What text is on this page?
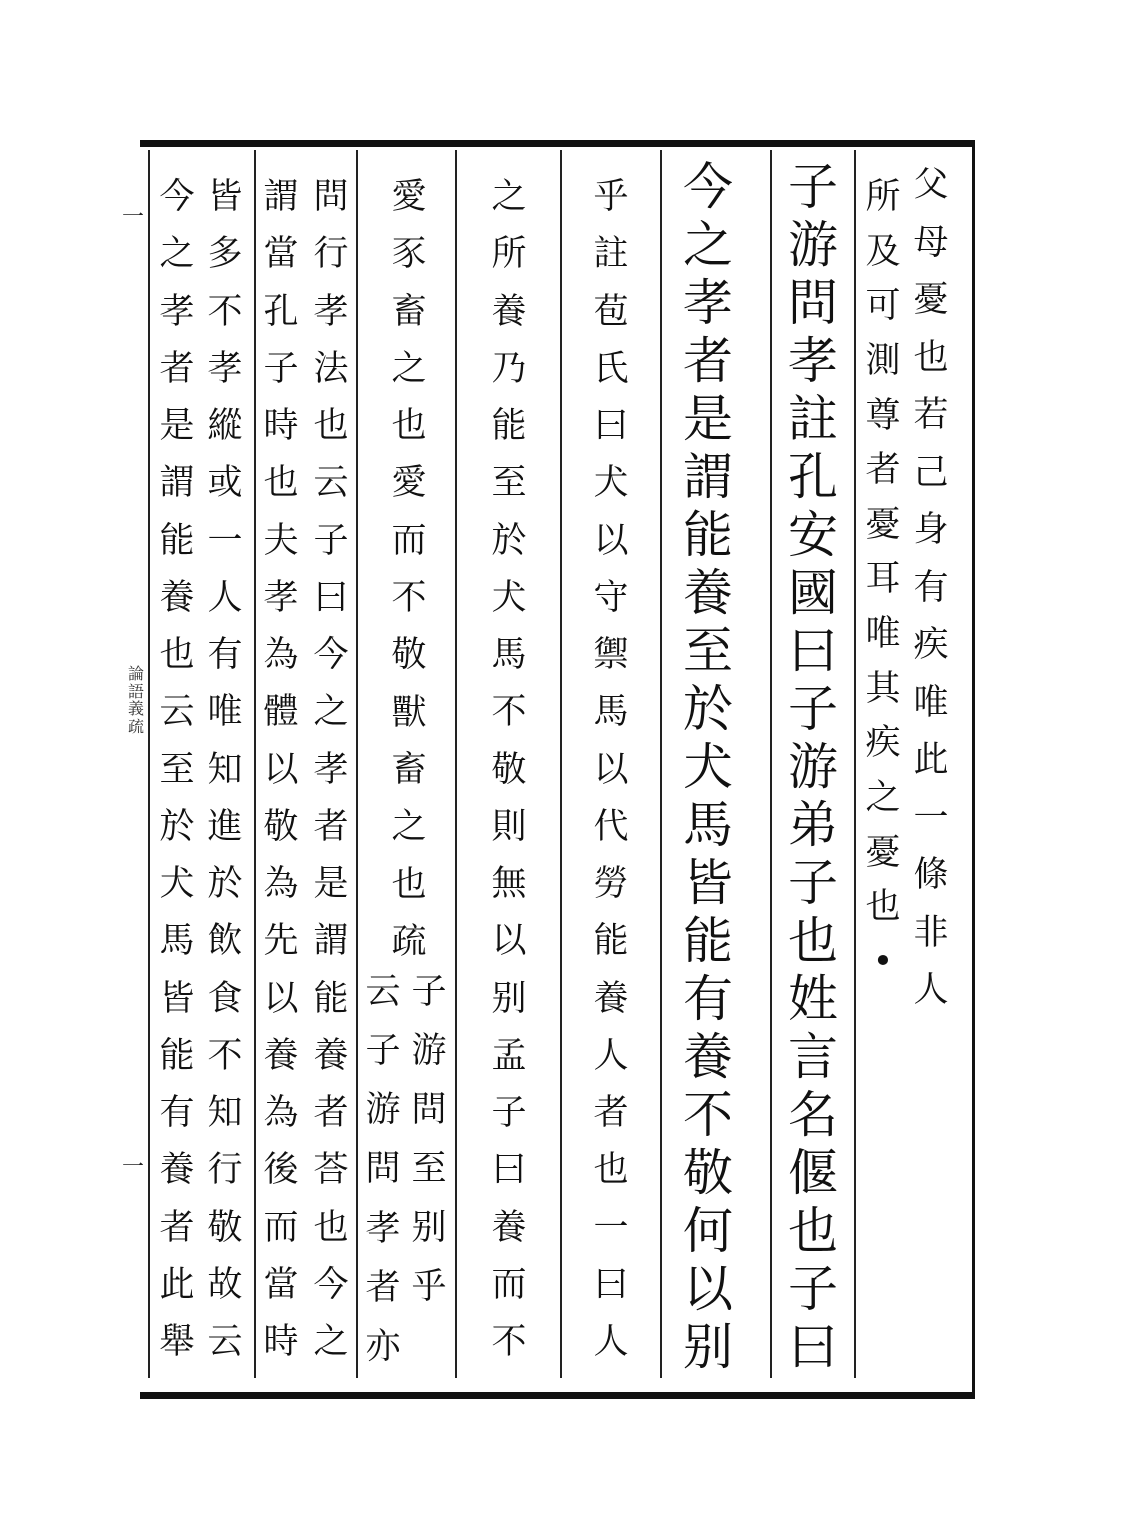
父
母
憂
也
若
己
身
有
疾
唯
此
一
條
非
人
所
及
可
測
尊
者
憂
耳
唯
其
疾
之
憂
也
•
子
游
問
孝
註
孔
安
國
曰
子
游
弟
子
也
姓
言
名
偃
也
子
曰
今
之
孝
者
是
謂
能
養
至
於
犬
馬
皆
能
有
養
不
敬
何
以
别
乎
註
苞
氏
曰
犬
以
守
禦
馬
以
代
勞
能
養
人
者
也
一
曰
人
之
所
養
乃
能
至
於
犬
馬
不
敬
則
無
以
别
孟
子
曰
養
而
不
愛
豕
畜
之
也
愛
而
不
敬
獸
畜
之
也
疏
子
游
問
至
别
乎
云
子
游
問
孝
者
亦
問
行
孝
法
也
云
子
曰
今
之
孝
者
是
謂
能
養
者
荅
也
今
之
謂
當
孔
子
時
也
夫
孝
為
體
以
敬
為
先
以
養
為
後
而
當
時
皆
多
不
孝
縱
或
一
人
有
唯
知
進
於
飲
食
不
知
行
敬
故
云
今
之
孝
者
是
謂
能
養
也
云
至
於
犬
馬
皆
能
有
養
者
此
舉
論
語
義
疏
一
一
